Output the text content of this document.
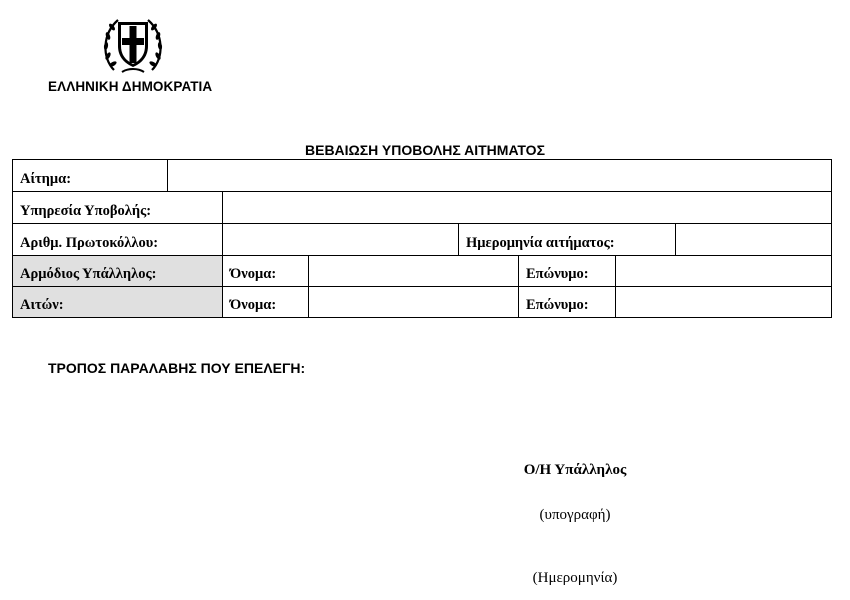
ΕΛΛΗΝΙΚΗ ΔΗΜΟΚΡΑΤΙΑ
ΒΕΒΑΙΩΣΗ ΥΠΟΒΟΛΗΣ ΑΙΤΗΜΑΤΟΣ
Αίτημα:
Υπηρεσία Υποβολής:
Αριθμ. Πρωτοκόλλου:	Ημερομηνία αιτήματος:
Αρμόδιος Υπάλληλος:	Όνομα:	Επώνυμο:
Αιτών:	Όνομα:	Επώνυμο:
ΤΡΟΠΟΣ ΠΑΡΑΛΑΒΗΣ ΠΟΥ ΕΠΕΛΕΓΗ:
Ο/Η Υπάλληλος
(υπογραφή)
(Ημερομηνία)
